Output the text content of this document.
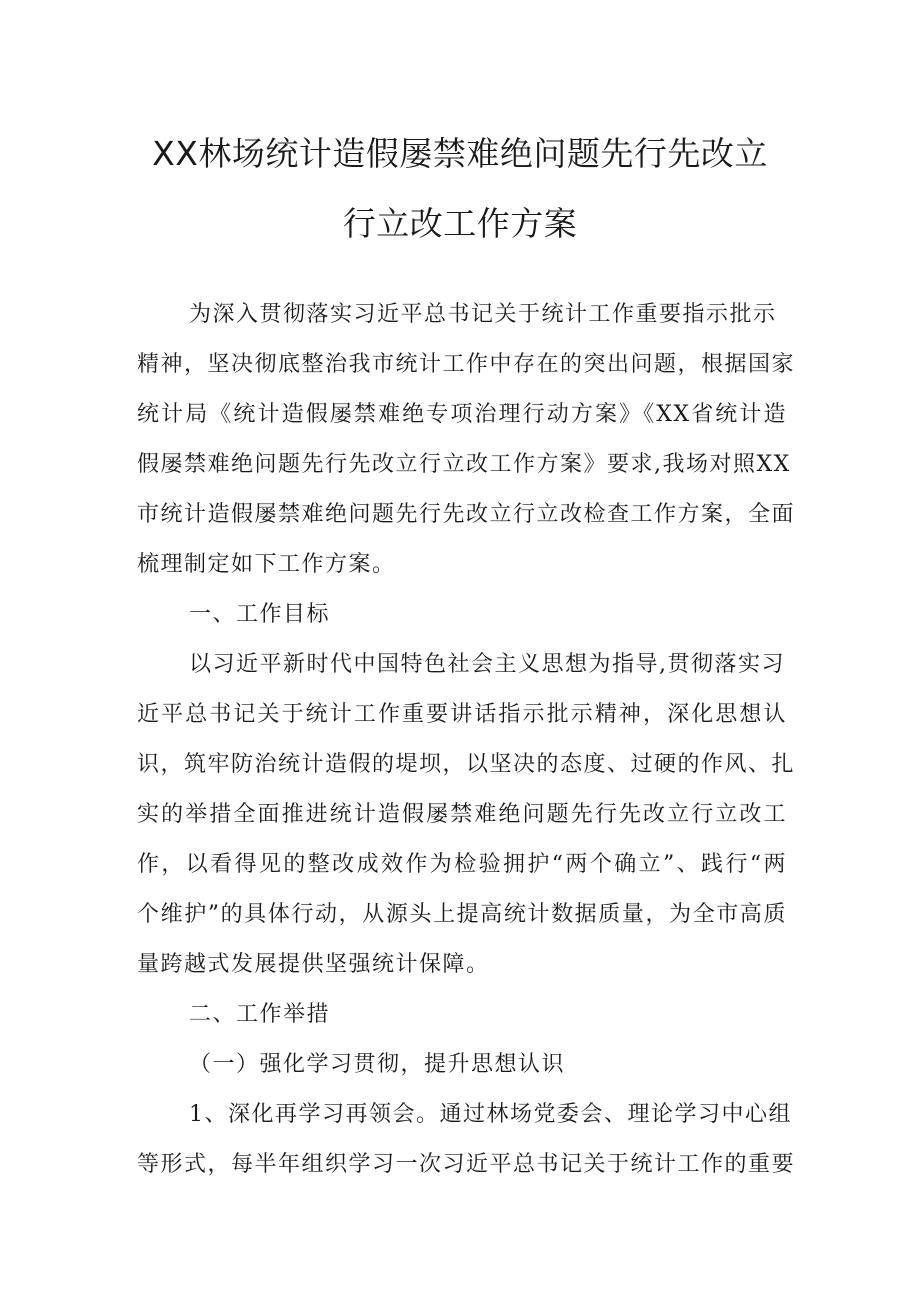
XX林场统计造假屡禁难绝问题先行先改立
行立改工作方案

为深入贯彻落实习近平总书记关于统计工作重要指示批示

精神，坚决彻底整治我市统计工作中存在的突出问题，根据国家

统计局《统计造假屡禁难绝专项治理行动方案》《XX省统计造

假屡禁难绝问题先行先改立行立改工作方案》要求,我场对照XX

市统计造假屡禁难绝问题先行先改立行立改检查工作方案，全面

梳理制定如下工作方案。

一、工作目标

以习近平新时代中国特色社会主义思想为指导,贯彻落实习

近平总书记关于统计工作重要讲话指示批示精神，深化思想认

识，筑牢防治统计造假的堤坝，以坚决的态度、过硬的作风、扎

实的举措全面推进统计造假屡禁难绝问题先行先改立行立改工

作，以看得见的整改成效作为检验拥护“两个确立”、践行“两

个维护”的具体行动，从源头上提高统计数据质量，为全市高质

量跨越式发展提供坚强统计保障。

二、工作举措

（一）强化学习贯彻，提升思想认识

1、深化再学习再领会。通过林场党委会、理论学习中心组

等形式，每半年组织学习一次习近平总书记关于统计工作的重要
